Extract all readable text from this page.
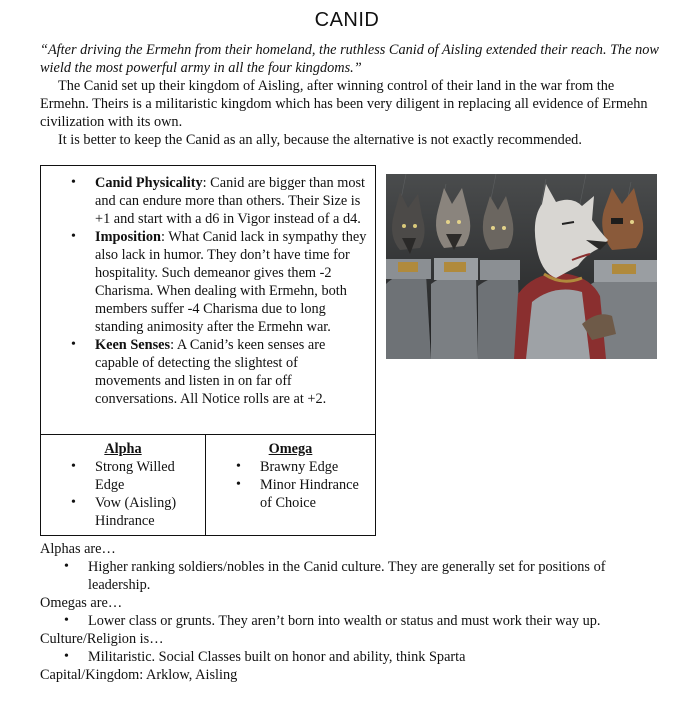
CANID
“After driving the Ermehn from their homeland, the ruthless Canid of Aisling extended their reach. The now wield the most powerful army in all the four kingdoms.”
The Canid set up their kingdom of Aisling, after winning control of their land in the war from the Ermehn. Theirs is a militaristic kingdom which has been very diligent in replacing all evidence of Ermehn civilization with its own.
It is better to keep the Canid as an ally, because the alternative is not exactly recommended.
• Canid Physicality: Canid are bigger than most and can endure more than others. Their Size is +1 and start with a d6 in Vigor instead of a d4.
• Imposition: What Canid lack in sympathy they also lack in humor. They don’t have time for hospitality. Such demeanor gives them -2 Charisma. When dealing with Ermehn, both members suffer -4 Charisma due to long standing animosity after the Ermehn war.
• Keen Senses: A Canid’s keen senses are capable of detecting the slightest of movements and listen in on far off conversations. All Notice rolls are at +2.
Alpha
• Strong Willed Edge
• Vow (Aisling) Hindrance
Omega
• Brawny Edge
• Minor Hindrance of Choice
Alphas are…
• Higher ranking soldiers/nobles in the Canid culture. They are generally set for positions of leadership.
Omegas are…
• Lower class or grunts. They aren’t born into wealth or status and must work their way up.
Culture/Religion is…
• Militaristic. Social Classes built on honor and ability, think Sparta
Capital/Kingdom: Arklow, Aisling
